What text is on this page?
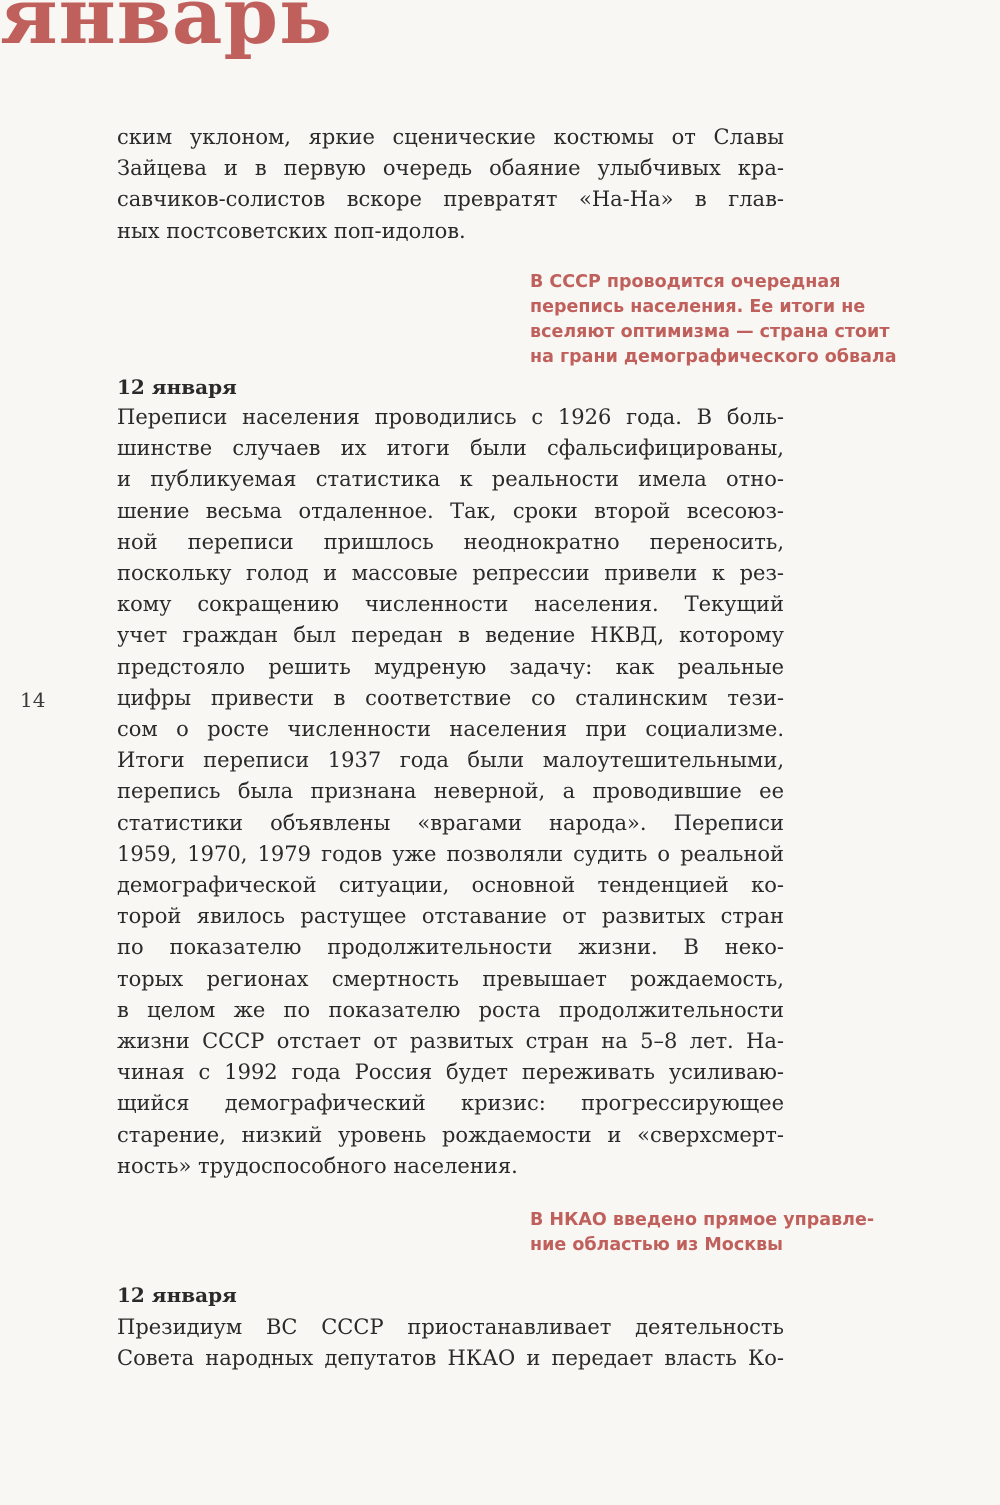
январь
14

ским уклоном, яркие сценические костюмы от Славы
Зайцева и в первую очередь обаяние улыбчивых кра-
савчиков-солистов вскоре превратят «На-На» в глав-
ных постсоветских поп-идолов.

В СССР проводится очередная
перепись населения. Ее итоги не
вселяют оптимизма — страна стоит
на грани демографического обвала
12 января

Переписи населения проводились с 1926 года. В боль-
шинстве случаев их итоги были сфальсифицированы,
и публикуемая статистика к реальности имела отно-
шение весьма отдаленное. Так, сроки второй всесоюз-
ной переписи пришлось неоднократно переносить,
поскольку голод и массовые репрессии привели к рез-
кому сокращению численности населения. Текущий
учет граждан был передан в ведение НКВД, которому
предстояло решить мудреную задачу: как реальные
цифры привести в соответствие со сталинским тези-
сом о росте численности населения при социализме.
Итоги переписи 1937 года были малоутешительными,
перепись была признана неверной, а проводившие ее
статистики объявлены «врагами народа». Переписи
1959, 1970, 1979 годов уже позволяли судить о реальной
демографической ситуации, основной тенденцией ко-
торой явилось растущее отставание от развитых стран
по показателю продолжительности жизни. В неко-
торых регионах смертность превышает рождаемость,
в целом же по показателю роста продолжительности
жизни СССР отстает от развитых стран на 5–8 лет. На-
чиная с 1992 года Россия будет переживать усиливаю-
щийся демографический кризис: прогрессирующее
старение, низкий уровень рождаемости и «сверхсмерт-
ность» трудоспособного населения.

В НКАО введено прямое управле-
ние областью из Москвы
12 января

Президиум ВС СССР приостанавливает деятельность
Совета народных депутатов НКАО и передает власть Ко-
